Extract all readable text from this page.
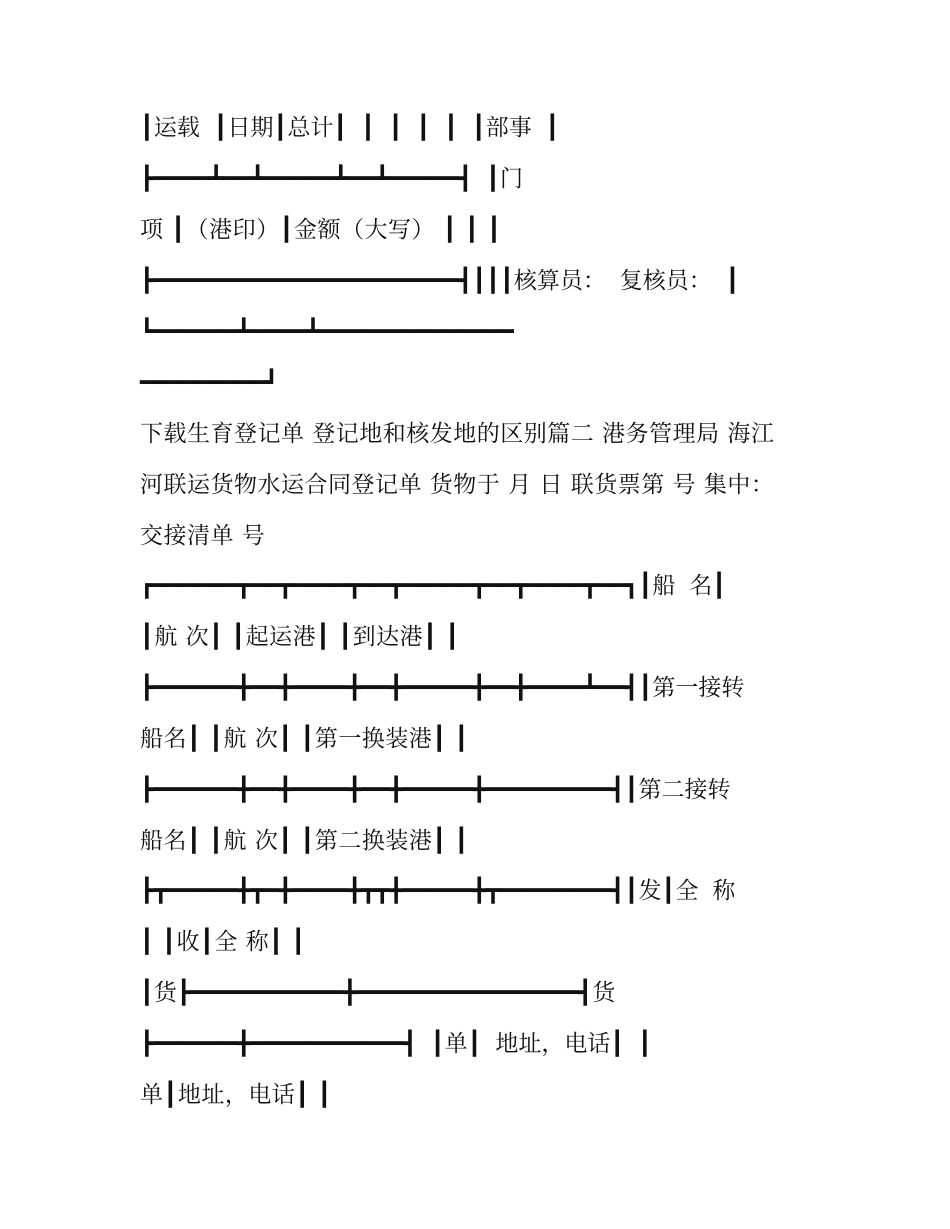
┃运载 ┃日期┃总计┃ ┃ ┃ ┃ ┃ ┃部事 ┃
┣━━━━┻━━┻━━━━━┻━━┻━━━━━┫ ┃门
项 ┃（港印）┃金额（大写） ┃ ┃ ┃
┣━━━━━━━━━━━━━━━━━━━━━━┫┃┃┃核算员： 复核员： ┃
┗━━━━━━┻━━━━┻━━━━━━━━━━━━━━
━━━━━━━━━┛
下载生育登记单 登记地和核发地的区别篇二 港务管理局 海江
河联运货物水运合同登记单 货物于 月 日 联货票第 号 集中：
交接清单 号
┏━━━━━━┳━━┳━━━━┳━━┳━━━━━┳━━┳━━━━┳━━┓┃船 名┃
┃航 次┃ ┃起运港┃ ┃到达港┃ ┃
┣━━━━━━╋━━╋━━━━╋━━╋━━━━━╋━━╋━━━━┻━━┫┃第一接转
船名┃ ┃航 次┃ ┃第一换装港┃ ┃
┣━━━━━━╋━━╋━━━━╋━━╋━━━━━╋━━━━━━━━━┫┃第二接转
船名┃ ┃航 次┃ ┃第二换装港┃ ┃
┣┳━━━━━╋┳━╋━━━━╋┳┳╋━━━━━╋┳━━━━━━━━┫┃发┃全 称
┃ ┃收┃全 称┃ ┃
┃货┣━━━━━━━━━━━╋━━━━━━━━━━━━━━━━┫货
┣━━━━━━╋━━━━━━━━━━━┫ ┃单┃ 地址，电话┃ ┃
单┃地址，电话┃ ┃
